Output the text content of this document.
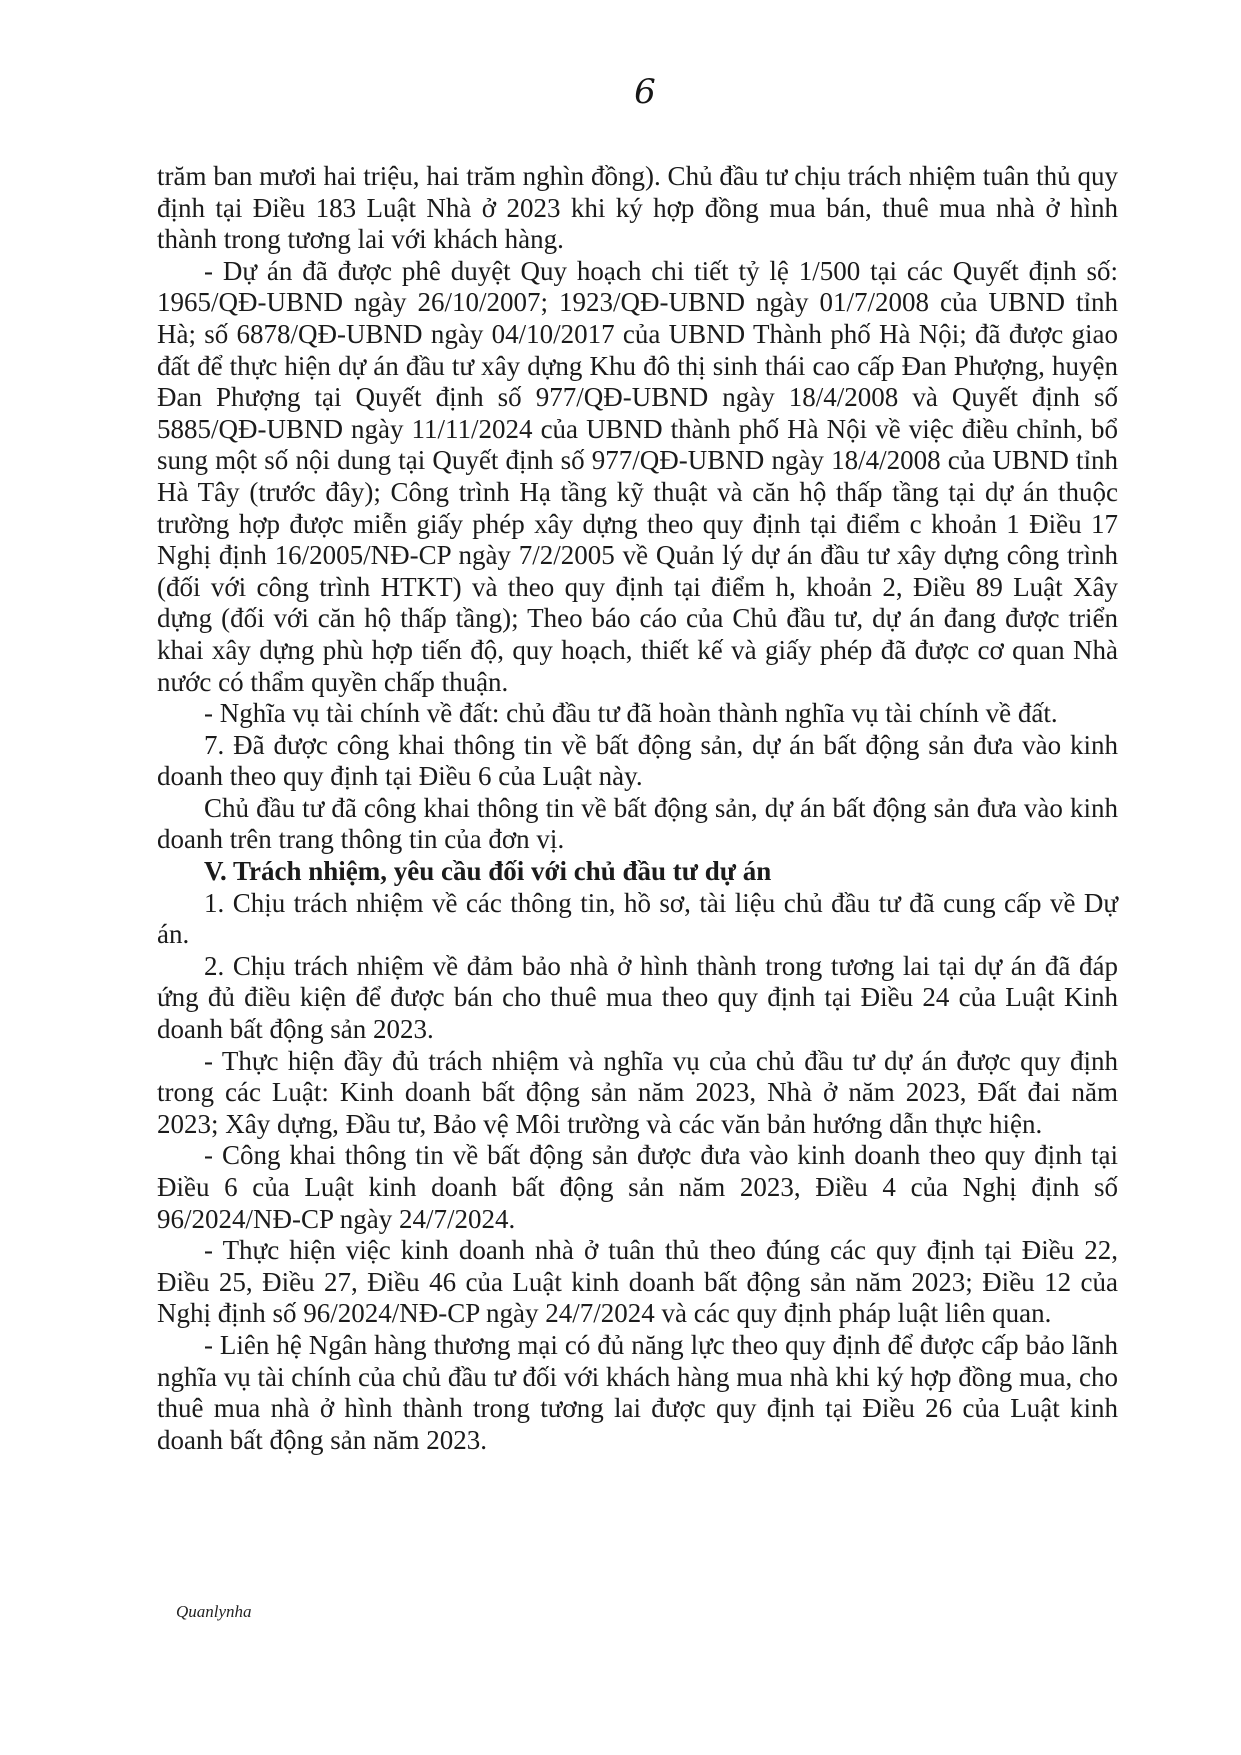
6

trăm ban mươi hai triệu, hai trăm nghìn đồng). Chủ đầu tư chịu trách nhiệm tuân thủ quy định tại Điều 183 Luật Nhà ở 2023 khi ký hợp đồng mua bán, thuê mua nhà ở hình thành trong tương lai với khách hàng.

- Dự án đã được phê duyệt Quy hoạch chi tiết tỷ lệ 1/500 tại các Quyết định số: 1965/QĐ-UBND ngày 26/10/2007; 1923/QĐ-UBND ngày 01/7/2008 của UBND tỉnh Hà; số 6878/QĐ-UBND ngày 04/10/2017 của UBND Thành phố Hà Nội; đã được giao đất để thực hiện dự án đầu tư xây dựng Khu đô thị sinh thái cao cấp Đan Phượng, huyện Đan Phượng tại Quyết định số 977/QĐ-UBND ngày 18/4/2008 và Quyết định số 5885/QĐ-UBND ngày 11/11/2024 của UBND thành phố Hà Nội về việc điều chỉnh, bổ sung một số nội dung tại Quyết định số 977/QĐ-UBND ngày 18/4/2008 của UBND tỉnh Hà Tây (trước đây); Công trình Hạ tầng kỹ thuật và căn hộ thấp tầng tại dự án thuộc trường hợp được miễn giấy phép xây dựng theo quy định tại điểm c khoản 1 Điều 17 Nghị định 16/2005/NĐ-CP ngày 7/2/2005 về Quản lý dự án đầu tư xây dựng công trình (đối với công trình HTKT) và theo quy định tại điểm h, khoản 2, Điều 89 Luật Xây dựng (đối với căn hộ thấp tầng); Theo báo cáo của Chủ đầu tư, dự án đang được triển khai xây dựng phù hợp tiến độ, quy hoạch, thiết kế và giấy phép đã được cơ quan Nhà nước có thẩm quyền chấp thuận.

- Nghĩa vụ tài chính về đất: chủ đầu tư đã hoàn thành nghĩa vụ tài chính về đất.

7. Đã được công khai thông tin về bất động sản, dự án bất động sản đưa vào kinh doanh theo quy định tại Điều 6 của Luật này.

Chủ đầu tư đã công khai thông tin về bất động sản, dự án bất động sản đưa vào kinh doanh trên trang thông tin của đơn vị.

V. Trách nhiệm, yêu cầu đối với chủ đầu tư dự án

1. Chịu trách nhiệm về các thông tin, hồ sơ, tài liệu chủ đầu tư đã cung cấp về Dự án.

2. Chịu trách nhiệm về đảm bảo nhà ở hình thành trong tương lai tại dự án đã đáp ứng đủ điều kiện để được bán cho thuê mua theo quy định tại Điều 24 của Luật Kinh doanh bất động sản 2023.

- Thực hiện đầy đủ trách nhiệm và nghĩa vụ của chủ đầu tư dự án được quy định trong các Luật: Kinh doanh bất động sản năm 2023, Nhà ở năm 2023, Đất đai năm 2023; Xây dựng, Đầu tư, Bảo vệ Môi trường và các văn bản hướng dẫn thực hiện.

- Công khai thông tin về bất động sản được đưa vào kinh doanh theo quy định tại Điều 6 của Luật kinh doanh bất động sản năm 2023, Điều 4 của Nghị định số 96/2024/NĐ-CP ngày 24/7/2024.

- Thực hiện việc kinh doanh nhà ở tuân thủ theo đúng các quy định tại Điều 22, Điều 25, Điều 27, Điều 46 của Luật kinh doanh bất động sản năm 2023; Điều 12 của Nghị định số 96/2024/NĐ-CP ngày 24/7/2024 và các quy định pháp luật liên quan.

- Liên hệ Ngân hàng thương mại có đủ năng lực theo quy định để được cấp bảo lãnh nghĩa vụ tài chính của chủ đầu tư đối với khách hàng mua nhà khi ký hợp đồng mua, cho thuê mua nhà ở hình thành trong tương lai được quy định tại Điều 26 của Luật kinh doanh bất động sản năm 2023.

Quanlynha
